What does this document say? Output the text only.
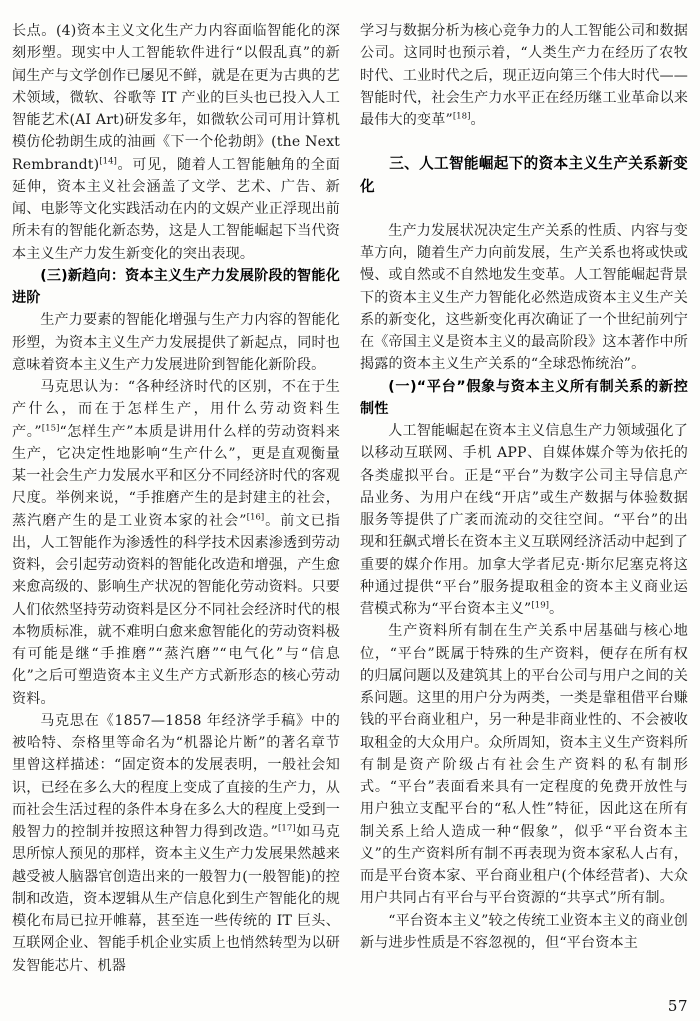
长点。(4)资本主义文化生产力内容面临智能化的深刻形塑。现实中人工智能软件进行“以假乱真”的新闻生产与文学创作已屡见不鲜，就是在更为古典的艺术领域，微软、谷歌等 IT 产业的巨头也已投入人工智能艺术(AI Art)研发多年，如微软公司可用计算机模仿伦勃朗生成的油画《下一个伦勃朗》(the Next Rembrandt)[14]。可见，随着人工智能触角的全面延伸，资本主义社会涵盖了文学、艺术、广告、新闻、电影等文化实践活动在内的文娱产业正浮现出前所未有的智能化新态势，这是人工智能崛起下当代资本主义生产力发生新变化的突出表现。

(三)新趋向：资本主义生产力发展阶段的智能化进阶

生产力要素的智能化增强与生产力内容的智能化形塑，为资本主义生产力发展提供了新起点，同时也意味着资本主义生产力发展进阶到智能化新阶段。

马克思认为：“各种经济时代的区别，不在于生产什么，而在于怎样生产，用什么劳动资料生产。”[15]“怎样生产”本质是讲用什么样的劳动资料来生产，它决定性地影响“生产什么”，更是直观衡量某一社会生产力发展水平和区分不同经济时代的客观尺度。举例来说，“手推磨产生的是封建主的社会，蒸汽磨产生的是工业资本家的社会”[16]。前文已指出，人工智能作为渗透性的科学技术因素渗透到劳动资料，会引起劳动资料的智能化改造和增强，产生愈来愈高级的、影响生产状况的智能化劳动资料。只要人们依然坚持劳动资料是区分不同社会经济时代的根本物质标准，就不难明白愈来愈智能化的劳动资料极有可能是继“手推磨”“蒸汽磨”“电气化”与“信息化”之后可塑造资本主义生产方式新形态的核心劳动资料。

马克思在《1857—1858 年经济学手稿》中的被哈特、奈格里等命名为“机器论片断”的著名章节里曾这样描述：“固定资本的发展表明，一般社会知识，已经在多么大的程度上变成了直接的生产力，从而社会生活过程的条件本身在多么大的程度上受到一般智力的控制并按照这种智力得到改造。”[17]如马克思所惊人预见的那样，资本主义生产力发展果然越来越受被人脑器官创造出来的一般智力(一般智能)的控制和改造，资本逻辑从生产信息化到生产智能化的规模化布局已拉开帷幕，甚至连一些传统的 IT 巨头、互联网企业、智能手机企业实质上也悄然转型为以研发智能芯片、机器

学习与数据分析为核心竞争力的人工智能公司和数据公司。这同时也预示着，“人类生产力在经历了农牧时代、工业时代之后，现正迈向第三个伟大时代——智能时代，社会生产力水平正在经历继工业革命以来最伟大的变革”[18]。

三、人工智能崛起下的资本主义生产关系新变化

生产力发展状况决定生产关系的性质、内容与变革方向，随着生产力向前发展，生产关系也将或快或慢、或自然或不自然地发生变革。人工智能崛起背景下的资本主义生产力智能化必然造成资本主义生产关系的新变化，这些新变化再次确证了一个世纪前列宁在《帝国主义是资本主义的最高阶段》这本著作中所揭露的资本主义生产关系的“全球恐怖统治”。

(一)“平台”假象与资本主义所有制关系的新控制性

人工智能崛起在资本主义信息生产力领域强化了以移动互联网、手机 APP、自媒体媒介等为依托的各类虚拟平台。正是“平台”为数字公司主导信息产品业务、为用户在线“开店”或生产数据与体验数据服务等提供了广袤而流动的交往空间。“平台”的出现和狂飙式增长在资本主义互联网经济活动中起到了重要的媒介作用。加拿大学者尼克·斯尔尼塞克将这种通过提供“平台”服务提取租金的资本主义商业运营模式称为“平台资本主义”[19]。

生产资料所有制在生产关系中居基础与核心地位，“平台”既属于特殊的生产资料，便存在所有权的归属问题以及建筑其上的平台公司与用户之间的关系问题。这里的用户分为两类，一类是靠租借平台赚钱的平台商业租户，另一种是非商业性的、不会被收取租金的大众用户。众所周知，资本主义生产资料所有制是资产阶级占有社会生产资料的私有制形式。“平台”表面看来具有一定程度的免费开放性与用户独立支配平台的“私人性”特征，因此这在所有制关系上给人造成一种“假象”，似乎“平台资本主义”的生产资料所有制不再表现为资本家私人占有，而是平台资本家、平台商业租户(个体经营者)、大众用户共同占有平台与平台资源的“共享式”所有制。

“平台资本主义”较之传统工业资本主义的商业创新与进步性质是不容忽视的，但“平台资本主

57
